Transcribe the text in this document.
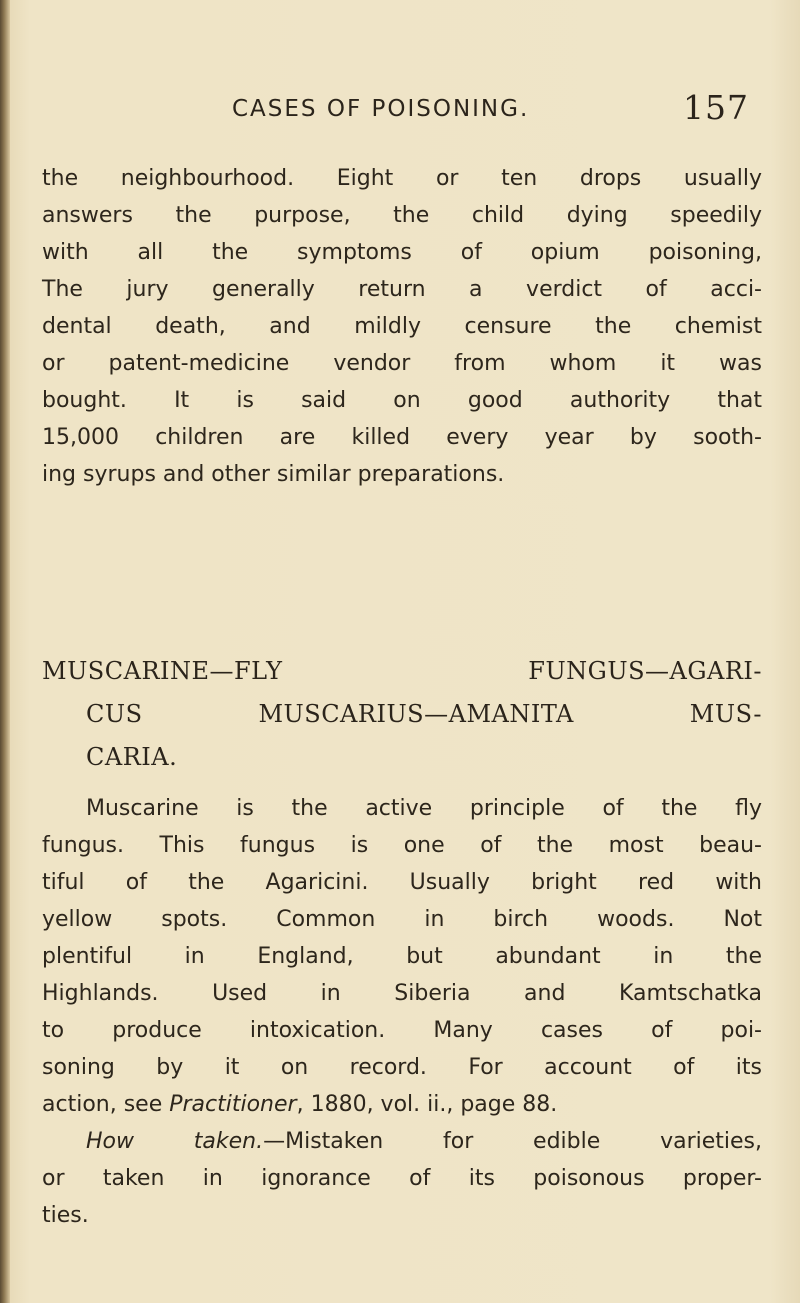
CASES OF POISONING.	157
the neighbourhood. Eight or ten drops usually
answers the purpose, the child dying speedily
with all the symptoms of opium poisoning,
The jury generally return a verdict of acci-
dental death, and mildly censure the chemist
or patent-medicine vendor from whom it was
bought. It is said on good authority that
15,000 children are killed every year by sooth-
ing syrups and other similar preparations.
MUSCARINE—FLY FUNGUS—AGARI-
CUS MUSCARIUS—AMANITA MUS-
CARIA.
Muscarine is the active principle of the fly
fungus. This fungus is one of the most beau-
tiful of the Agaricini. Usually bright red with
yellow spots. Common in birch woods. Not
plentiful in England, but abundant in the
Highlands. Used in Siberia and Kamtschatka
to produce intoxication. Many cases of poi-
soning by it on record. For account of its
action, see Practitioner, 1880, vol. ii., page 88.
How taken.—Mistaken for edible varieties,
or taken in ignorance of its poisonous proper-
ties.
